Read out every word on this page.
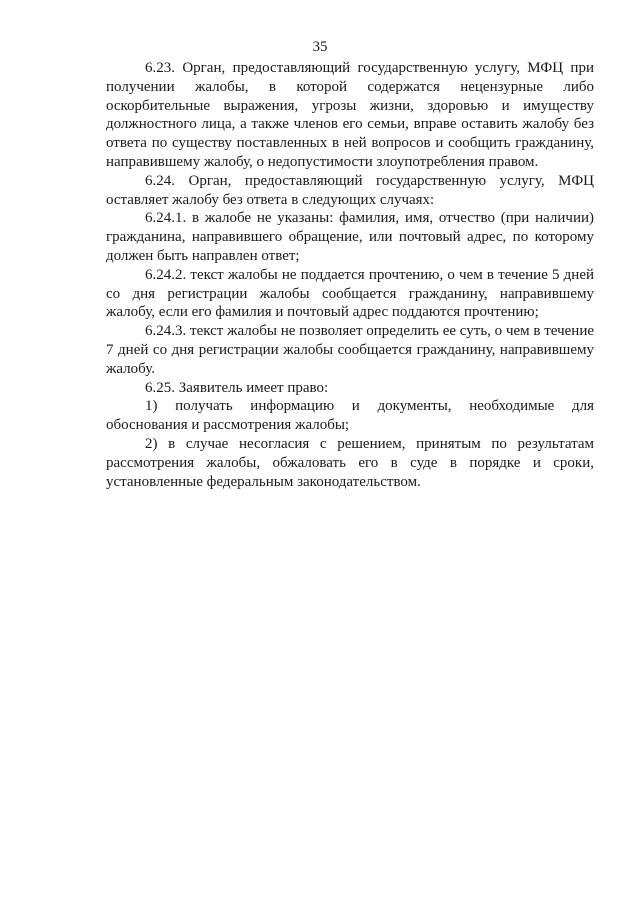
35

6.23. Орган, предоставляющий государственную услугу, МФЦ при получении жалобы, в которой содержатся нецензурные либо оскорбительные выражения, угрозы жизни, здоровью и имуществу должностного лица, а также членов его семьи, вправе оставить жалобу без ответа по существу поставленных в ней вопросов и сообщить гражданину, направившему жалобу, о недопустимости злоупотребления правом.

6.24. Орган, предоставляющий государственную услугу, МФЦ оставляет жалобу без ответа в следующих случаях:

6.24.1. в жалобе не указаны: фамилия, имя, отчество (при наличии) гражданина, направившего обращение, или почтовый адрес, по которому должен быть направлен ответ;

6.24.2. текст жалобы не поддается прочтению, о чем в течение 5 дней со дня регистрации жалобы сообщается гражданину, направившему жалобу, если его фамилия и почтовый адрес поддаются прочтению;

6.24.3. текст жалобы не позволяет определить ее суть, о чем в течение 7 дней со дня регистрации жалобы сообщается гражданину, направившему жалобу.

6.25. Заявитель имеет право:

1) получать информацию и документы, необходимые для обоснования и рассмотрения жалобы;

2) в случае несогласия с решением, принятым по результатам рассмотрения жалобы, обжаловать его в суде в порядке и сроки, установленные федеральным законодательством.
